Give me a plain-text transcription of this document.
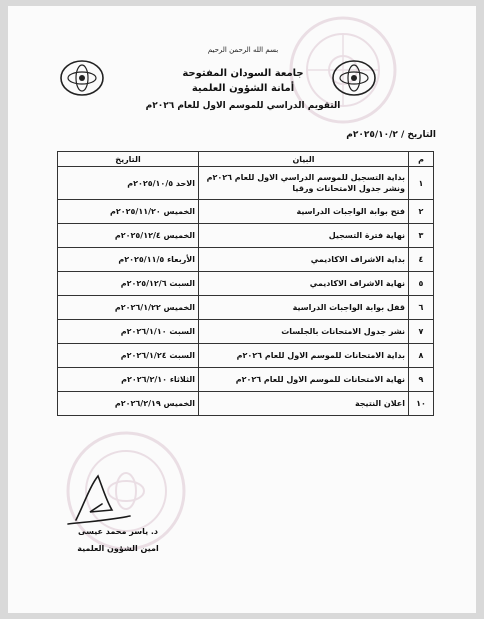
بسم الله الرحمن الرحيم
جامعة السودان المفتوحة
أمانة الشؤون العلمية
التقويم الدراسي للموسم الاول للعام ٢٠٢٦م
التاريخ / ٢٠٢٥/١٠/٢م
م	البيان	التاريخ
١	بداية التسجيل للموسم الدراسي الاول للعام ٢٠٢٦م ونشر جدول الامتحانات ورقيا	الاحد ٢٠٢٥/١٠/٥م
٢	فتح بوابة الواجبات الدراسية	الخميس ٢٠٢٥/١١/٢٠م
٣	نهاية فترة التسجيل	الخميس ٢٠٢٥/١٢/٤م
٤	بداية الاشراف الاكاديمي	الأربعاء ٢٠٢٥/١١/٥م
٥	نهاية الاشراف الاكاديمي	السبت ٢٠٢٥/١٢/٦م
٦	قفل بوابة الواجبات الدراسية	الخميس ٢٠٢٦/١/٢٢م
٧	نشر جدول الامتحانات بالجلسات	السبت ٢٠٢٦/١/١٠م
٨	بداية الامتحانات للموسم الاول للعام ٢٠٢٦م	السبت ٢٠٢٦/١/٢٤م
٩	نهاية الامتحانات للموسم الاول للعام ٢٠٢٦م	الثلاثاء ٢٠٢٦/٢/١٠م
١٠	اعلان النتيجة	الخميس ٢٠٢٦/٢/١٩م
د. ياسر محمد عيسى
امين الشؤون العلمية
